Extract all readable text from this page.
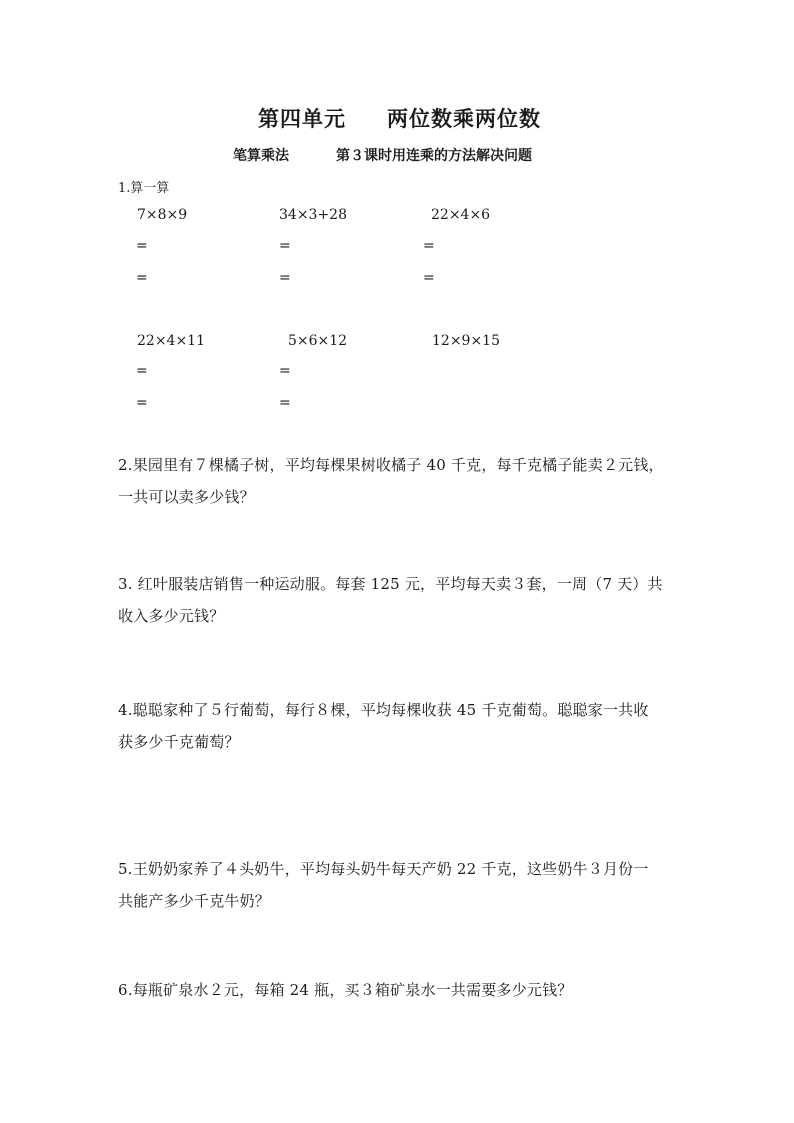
第四单元 两位数乘两位数
笔算乘法	第３课时用连乘的方法解决问题
1.算一算
7×8×9	34×3+28	22×4×6
=	=	=
=	=	=
22×4×11	5×6×12	12×9×15
=	=
=	=
2.果园里有７棵橘子树，平均每棵果树收橘子 40 千克，每千克橘子能卖２元钱，
一共可以卖多少钱？
3. 红叶服装店销售一种运动服。每套 125 元，平均每天卖３套，一周（7 天）共
收入多少元钱？
4.聪聪家种了５行葡萄，每行８棵，平均每棵收获 45 千克葡萄。聪聪家一共收
获多少千克葡萄？
5.王奶奶家养了４头奶牛，平均每头奶牛每天产奶 22 千克，这些奶牛３月份一
共能产多少千克牛奶？
6.每瓶矿泉水２元，每箱 24 瓶，买３箱矿泉水一共需要多少元钱？
